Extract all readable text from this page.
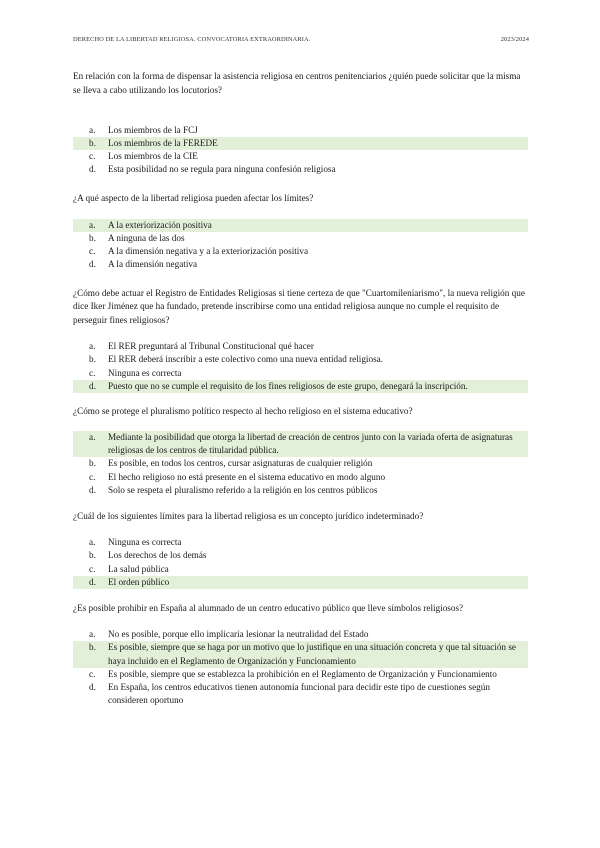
DERECHO DE LA LIBERTAD RELIGIOSA. CONVOCATORIA EXTRAORDINARIA.	2023/2024

En relación con la forma de dispensar la asistencia religiosa en centros penitenciarios ¿quién puede solicitar que la misma se lleva a cabo utilizando los locutorios?

a.	Los miembros de la FCJ
b.	Los miembros de la FEREDE
c.	Los miembros de la CIE
d.	Esta posibilidad no se regula para ninguna confesión religiosa

¿A qué aspecto de la libertad religiosa pueden afectar los límites?

a.	A la exteriorización positiva
b.	A ninguna de las dos
c.	A la dimensión negativa y a la exteriorización positiva
d.	A la dimensión negativa

¿Cómo debe actuar el Registro de Entidades Religiosas si tiene certeza de que "Cuartomileniarismo", la nueva religión que dice Iker Jiménez que ha fundado, pretende inscribirse como una entidad religiosa aunque no cumple el requisito de perseguir fines religiosos?

a.	El RER preguntará al Tribunal Constitucional qué hacer
b.	El RER deberá inscribir a este colectivo como una nueva entidad religiosa.
c.	Ninguna es correcta
d.	Puesto que no se cumple el requisito de los fines religiosos de este grupo, denegará la inscripción.

¿Cómo se protege el pluralismo político respecto al hecho religioso en el sistema educativo?

a.	Mediante la posibilidad que otorga la libertad de creación de centros junto con la variada oferta de asignaturas religiosas de los centros de titularidad pública.
b.	Es posible, en todos los centros, cursar asignaturas de cualquier religión
c.	El hecho religioso no está presente en el sistema educativo en modo alguno
d.	Solo se respeta el pluralismo referido a la religión en los centros públicos

¿Cuál de los siguientes límites para la libertad religiosa es un concepto jurídico indeterminado?

a.	Ninguna es correcta
b.	Los derechos de los demás
c.	La salud pública
d.	El orden público

¿Es posible prohibir en España al alumnado de un centro educativo público que lleve símbolos religiosos?

a.	No es posible, porque ello implicaría lesionar la neutralidad del Estado
b.	Es posible, siempre que se haga por un motivo que lo justifique en una situación concreta y que tal situación se haya incluido en el Reglamento de Organización y Funcionamiento
c.	Es posible, siempre que se establezca la prohibición en el Reglamento de Organización y Funcionamiento
d.	En España, los centros educativos tienen autonomía funcional para decidir este tipo de cuestiones según consideren oportuno
